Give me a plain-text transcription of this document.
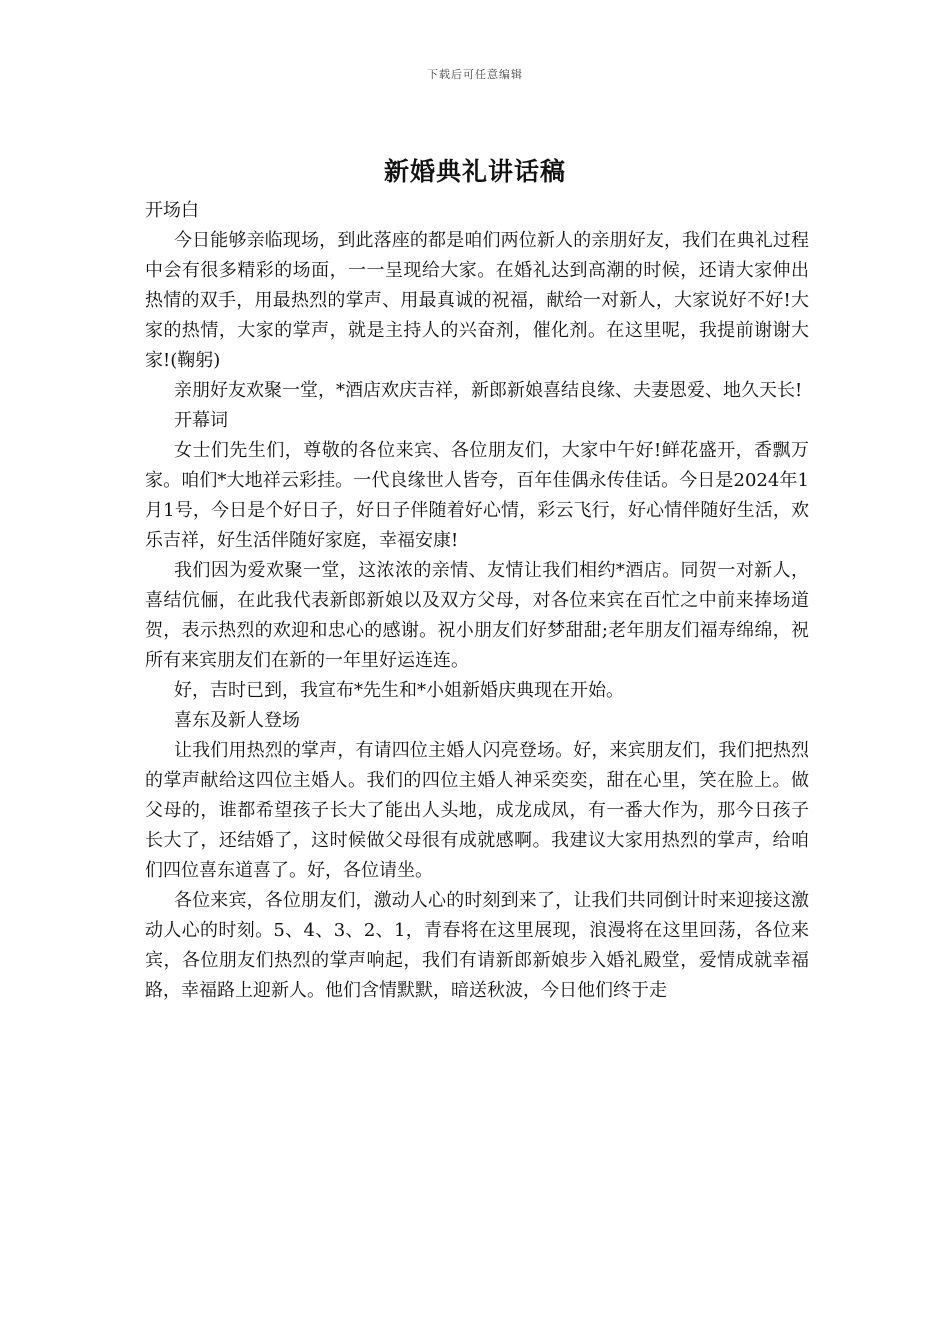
下载后可任意编辑
新婚典礼讲话稿

开场白

今日能够亲临现场，到此落座的都是咱们两位新人的亲朋好友，我们在典礼过程中会有很多精彩的场面，一一呈现给大家。在婚礼达到高潮的时候，还请大家伸出热情的双手，用最热烈的掌声、用最真诚的祝福，献给一对新人，大家说好不好!大家的热情，大家的掌声，就是主持人的兴奋剂，催化剂。在这里呢，我提前谢谢大家!(鞠躬)

亲朋好友欢聚一堂，*酒店欢庆吉祥，新郎新娘喜结良缘、夫妻恩爱、地久天长!

开幕词

女士们先生们，尊敬的各位来宾、各位朋友们，大家中午好!鲜花盛开，香飘万家。咱们*大地祥云彩挂。一代良缘世人皆夸，百年佳偶永传佳话。今日是2024年1月1号，今日是个好日子，好日子伴随着好心情，彩云飞行，好心情伴随好生活，欢乐吉祥，好生活伴随好家庭，幸福安康!

我们因为爱欢聚一堂，这浓浓的亲情、友情让我们相约*酒店。同贺一对新人，喜结伉俪，在此我代表新郎新娘以及双方父母，对各位来宾在百忙之中前来捧场道贺，表示热烈的欢迎和忠心的感谢。祝小朋友们好梦甜甜;老年朋友们福寿绵绵，祝所有来宾朋友们在新的一年里好运连连。

好，吉时已到，我宣布*先生和*小姐新婚庆典现在开始。

喜东及新人登场

让我们用热烈的掌声，有请四位主婚人闪亮登场。好，来宾朋友们，我们把热烈的掌声献给这四位主婚人。我们的四位主婚人神采奕奕，甜在心里，笑在脸上。做父母的，谁都希望孩子长大了能出人头地，成龙成凤，有一番大作为，那今日孩子长大了，还结婚了，这时候做父母很有成就感啊。我建议大家用热烈的掌声，给咱们四位喜东道喜了。好，各位请坐。

各位来宾，各位朋友们，激动人心的时刻到来了，让我们共同倒计时来迎接这激动人心的时刻。5、4、3、2、1，青春将在这里展现，浪漫将在这里回荡，各位来宾，各位朋友们热烈的掌声响起，我们有请新郎新娘步入婚礼殿堂，爱情成就幸福路，幸福路上迎新人。他们含情默默，暗送秋波，今日他们终于走
